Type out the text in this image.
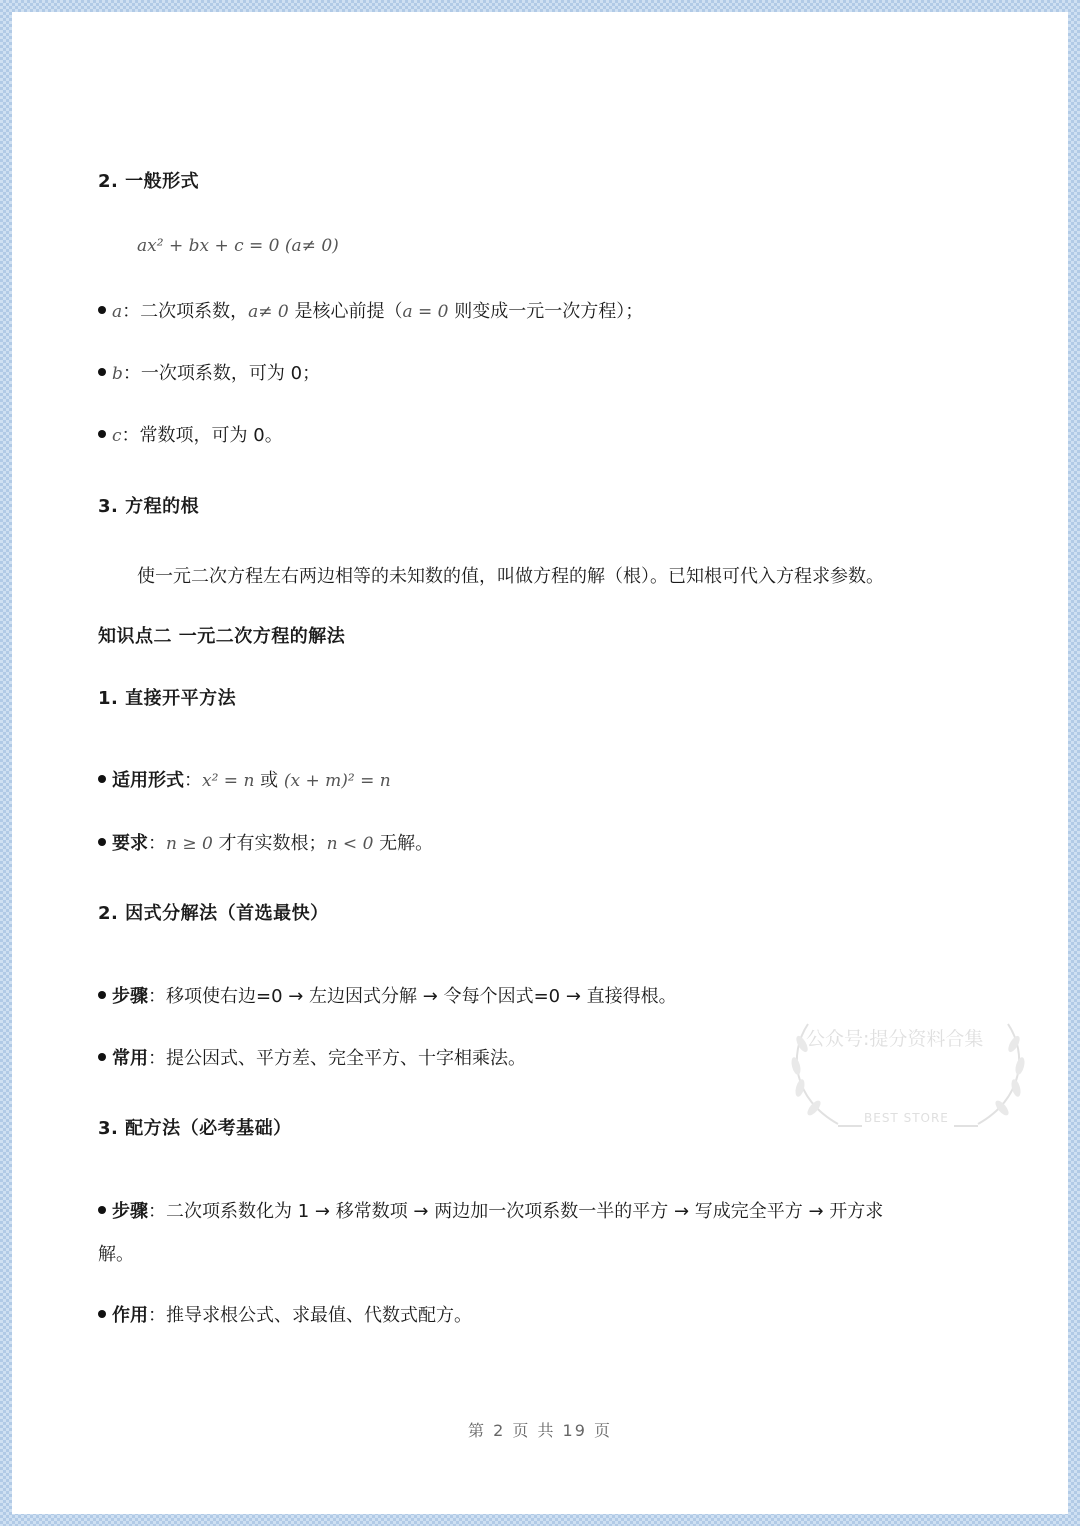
2. 一般形式
ax² + bx + c = 0 (a≠ 0)
a：二次项系数，a≠ 0 是核心前提（a = 0 则变成一元一次方程）；
b：一次项系数，可为 0；
c：常数项，可为 0。
3. 方程的根
使一元二次方程左右两边相等的未知数的值，叫做方程的解（根）。已知根可代入方程求参数。
知识点二 一元二次方程的解法
1. 直接开平方法
适用形式：x² = n 或 (x + m)² = n
要求：n ≥ 0 才有实数根；n < 0 无解。
2. 因式分解法（首选最快）
步骤：移项使右边=0 → 左边因式分解 → 令每个因式=0 → 直接得根。
常用：提公因式、平方差、完全平方、十字相乘法。
3. 配方法（必考基础）
步骤：二次项系数化为 1 → 移常数项 → 两边加一次项系数一半的平方 → 写成完全平方 → 开方求
解。
作用：推导求根公式、求最值、代数式配方。
公众号:提分资料合集
BEST STORE
第 2 页 共 19 页
